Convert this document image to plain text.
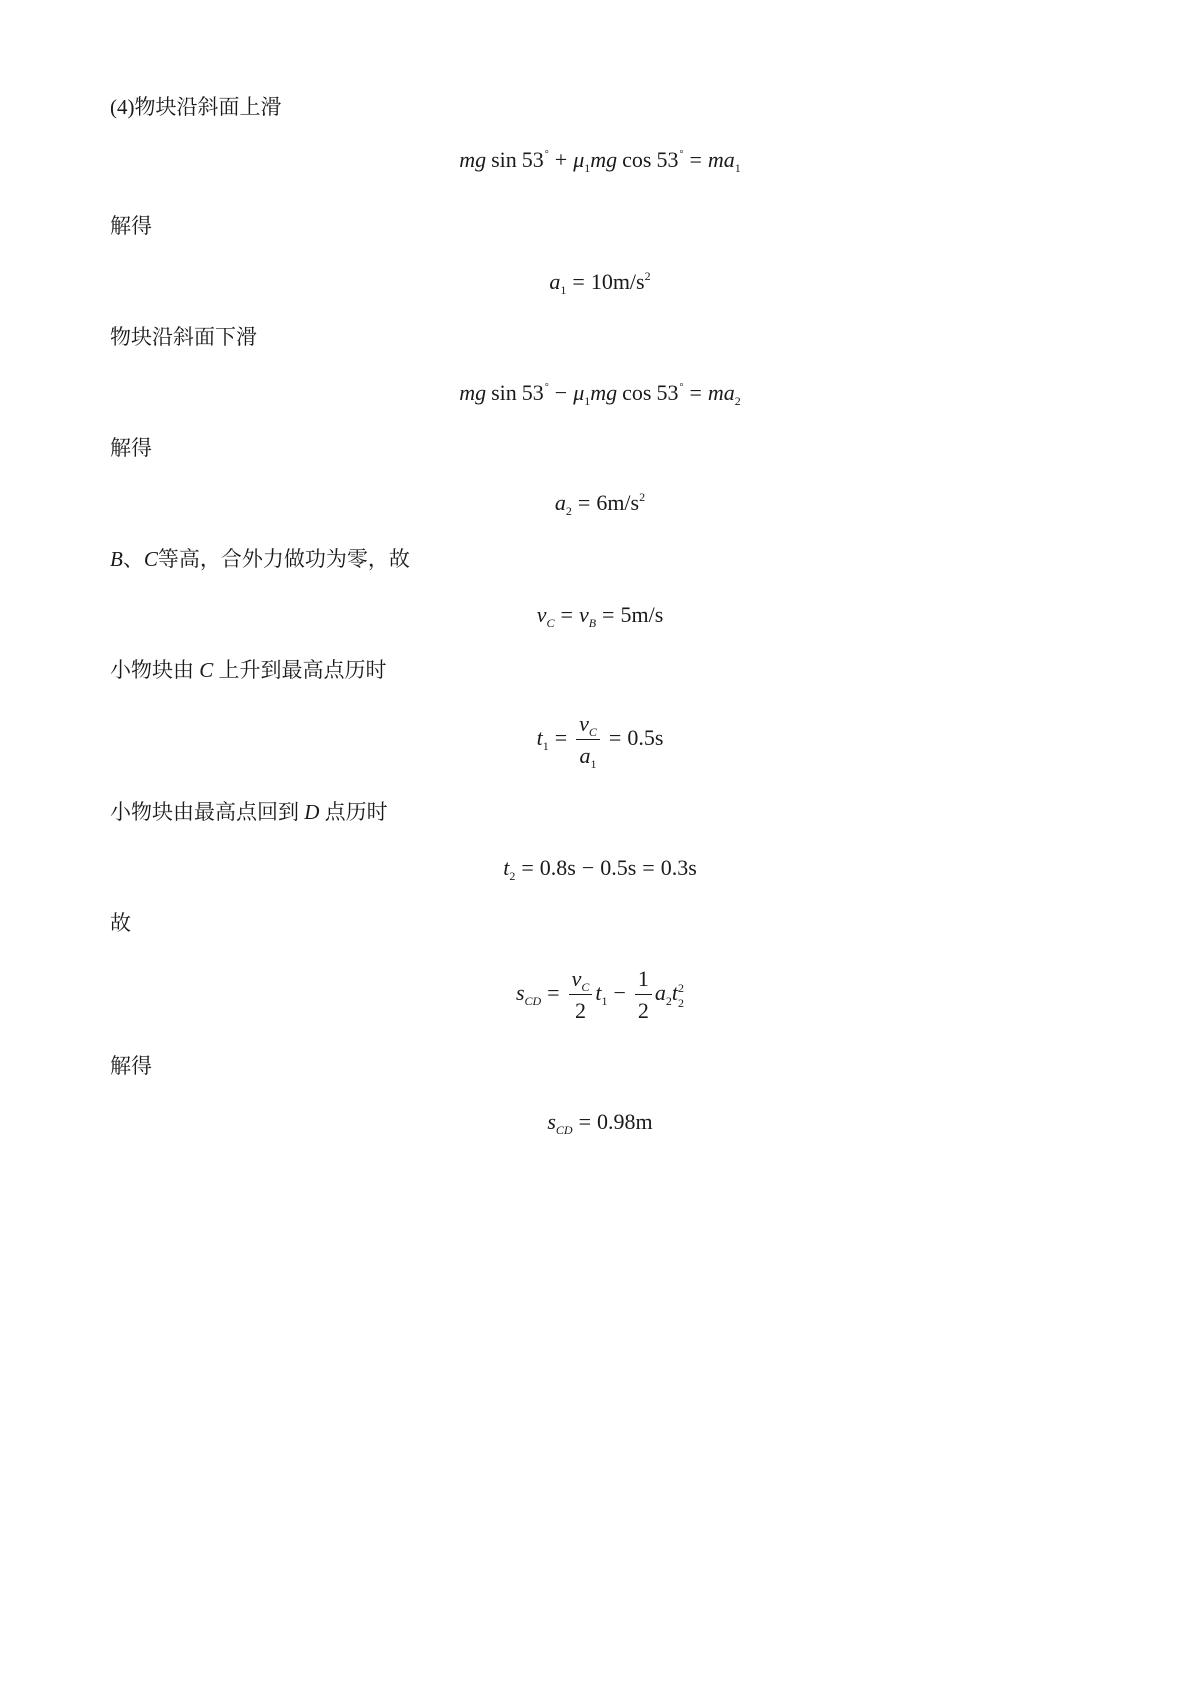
(4)物块沿斜面上滑
mg $\sin 53^\circ + \mu_1mg$ $\cos 53^\circ = ma_1$
解得
$a_1 = 10m/s^2$
物块沿斜面下滑
mg $\sin 53^\circ - \mu_1mg$ $\cos 53^\circ = ma_2$
解得
$a_2 = 6m/s^2$
B、C等高，合外力做功为零，故
$v_C = v_B = 5m/s$
小物块由 C 上升到最高点历时
$t_1 = \frac{v_C}{a_1} = 0.5s$
小物块由最高点回到 D 点历时
$t_2 = 0.8s - 0.5s = 0.3s$
故
$s_{CD} = \frac{v_C}{2} t_1 - \frac{1}{2} a_2t$ 2
2
解得
$s_{CD} = 0.98m$
